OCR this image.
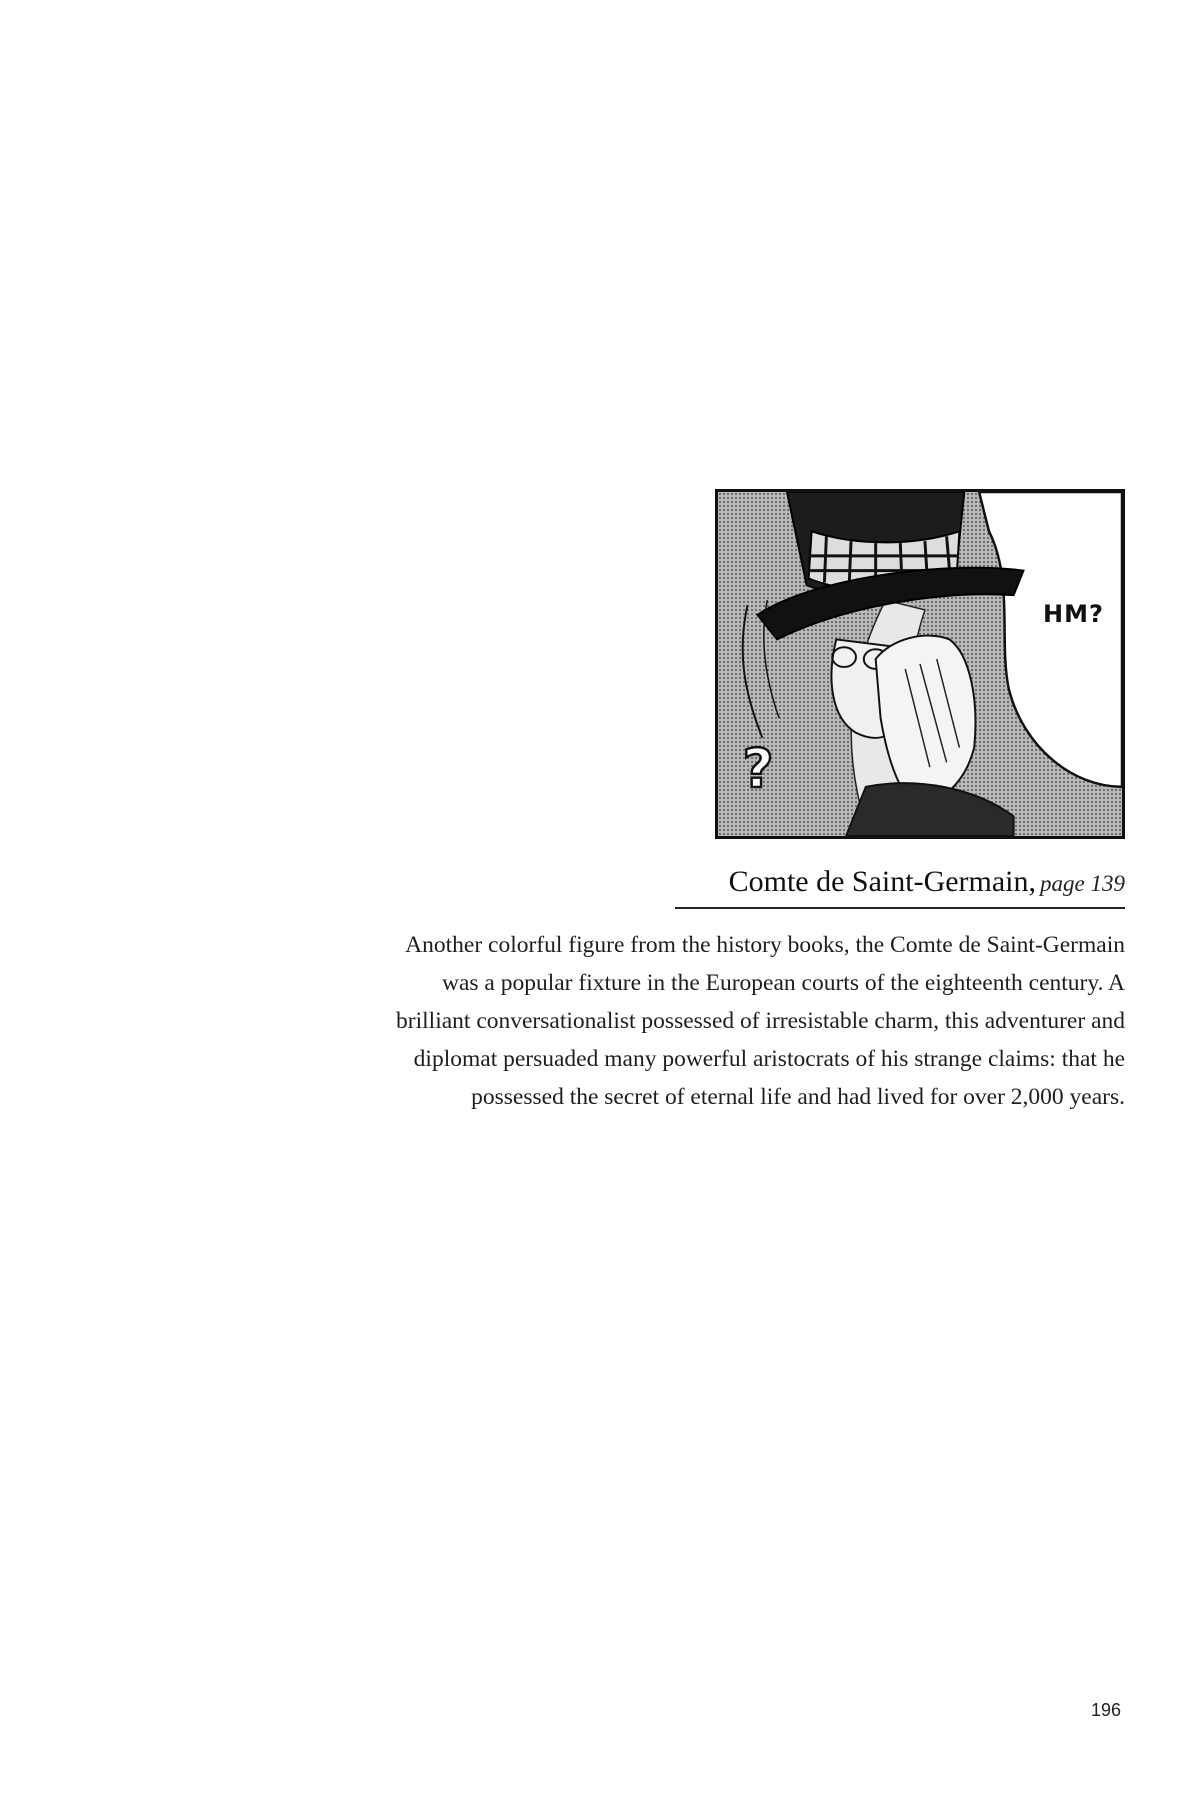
?
HM?
Comte de Saint-Germain, page 139
Another colorful figure from the history books, the Comte de Saint-Germain
was a popular fixture in the European courts of the eighteenth century. A
brilliant conversationalist possessed of irresistable charm, this adventurer and
diplomat persuaded many powerful aristocrats of his strange claims: that he
possessed the secret of eternal life and had lived for over 2,000 years.
196
